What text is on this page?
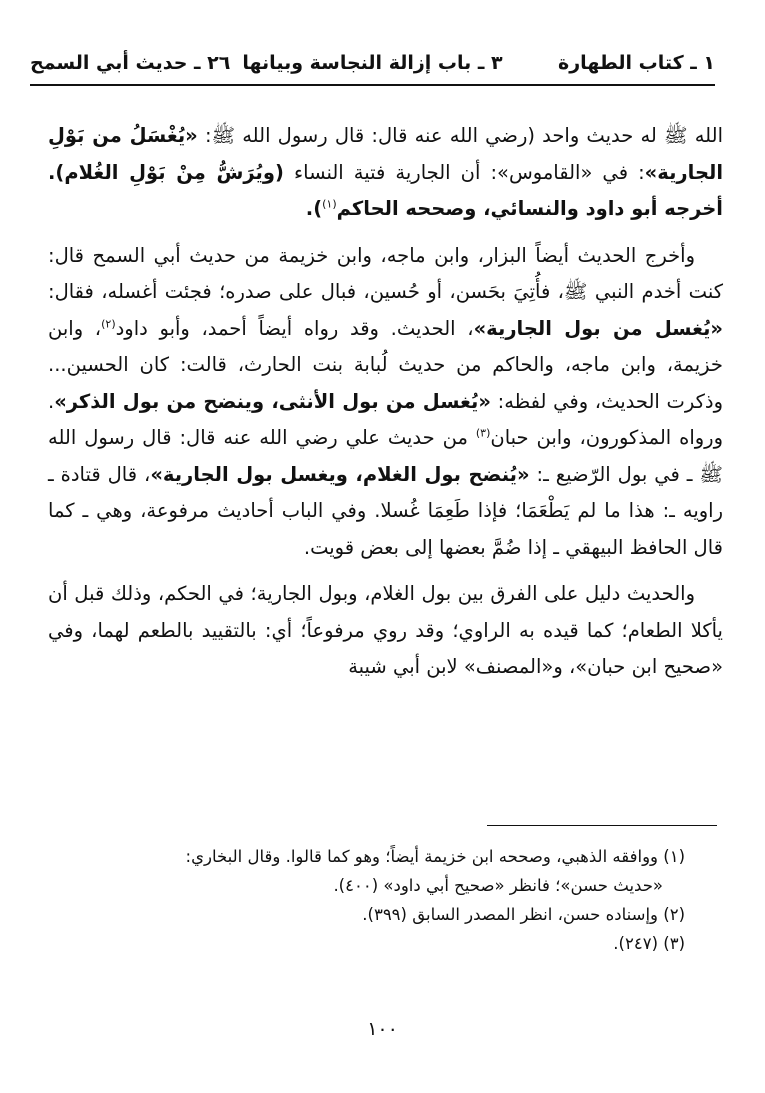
١ ـ كتاب الطهارة
٣ ـ باب إزالة النجاسة وبيانها
٢٦ ـ حديث أبي السمح

الله ﷺ له حديث واحد (رضي الله عنه قال: قال رسول الله ﷺ: «يُغْسَلُ من بَوْلِ الجارية»: في «القاموس»: أن الجارية فتية النساء (ويُرَشُّ مِنْ بَوْلِ الغُلام). أخرجه أبو داود والنسائي، وصححه الحاكم$^{(١)}$).

وأخرج الحديث أيضاً البزار، وابن ماجه، وابن خزيمة من حديث أبي السمح قال: كنت أخدم النبي ﷺ، فأُتِيَ بحَسن، أو حُسين، فبال على صدره؛ فجئت أغسله، فقال: «يُغسل من بول الجارية»، الحديث. وقد رواه أيضاً أحمد، وأبو داود$^{(٢)}$، وابن خزيمة، وابن ماجه، والحاكم من حديث لُبابة بنت الحارث، قالت: كان الحسين... وذكرت الحديث، وفي لفظه: «يُغسل من بول الأنثى، وينضح من بول الذكر». ورواه المذكورون، وابن حبان$^{(٣)}$ من حديث علي رضي الله عنه قال: قال رسول الله ﷺ ـ في بول الرّضيع ـ: «يُنضح بول الغلام، ويغسل بول الجارية»، قال قتادة ـ راويه ـ: هذا ما لم يَطْعَمَا؛ فإذا طَعِمَا غُسلا. وفي الباب أحاديث مرفوعة، وهي ـ كما قال الحافظ البيهقي ـ إذا ضُمَّ بعضها إلى بعض قويت.

والحديث دليل على الفرق بين بول الغلام، وبول الجارية؛ في الحكم، وذلك قبل أن يأكلا الطعام؛ كما قيده به الراوي؛ وقد روي مرفوعاً؛ أي: بالتقييد بالطعم لهما، وفي «صحيح ابن حبان»، و«المصنف» لابن أبي شيبة

(١) ووافقه الذهبي، وصححه ابن خزيمة أيضاً؛ وهو كما قالوا. وقال البخاري:
«حديث حسن»؛ فانظر «صحيح أبي داود» (٤٠٠).
(٢) وإسناده حسن، انظر المصدر السابق (٣٩٩).
(٣) (٢٤٧).
١٠٠
